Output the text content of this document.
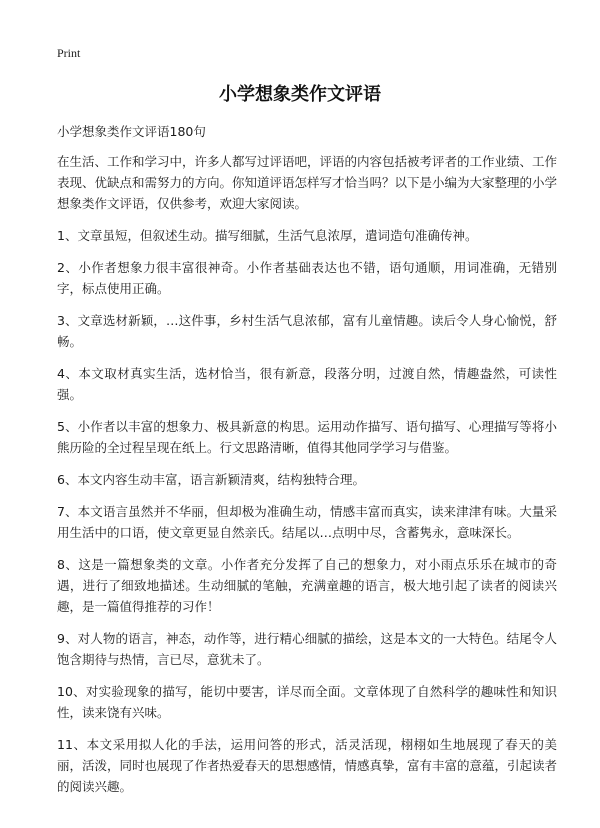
Print
小学想象类作文评语

小学想象类作文评语180句

在生活、工作和学习中，许多人都写过评语吧，评语的内容包括被考评者的工作业绩、工作表现、优缺点和需努力的方向。你知道评语怎样写才恰当吗？以下是小编为大家整理的小学想象类作文评语，仅供参考，欢迎大家阅读。

1、文章虽短，但叙述生动。描写细腻，生活气息浓厚，遣词造句准确传神。

2、小作者想象力很丰富很神奇。小作者基础表达也不错，语句通顺，用词准确，无错别字，标点使用正确。

3、文章选材新颖，…这件事，乡村生活气息浓郁，富有儿童情趣。读后令人身心愉悦，舒畅。

4、本文取材真实生活，选材恰当，很有新意，段落分明，过渡自然，情趣盎然，可读性强。

5、小作者以丰富的想象力、极具新意的构思。运用动作描写、语句描写、心理描写等将小熊历险的全过程呈现在纸上。行文思路清晰，值得其他同学学习与借鉴。

6、本文内容生动丰富，语言新颖清爽，结构独特合理。

7、本文语言虽然并不华丽，但却极为准确生动，情感丰富而真实，读来津津有味。大量采用生活中的口语，使文章更显自然亲氏。结尾以…点明中尽，含蓄隽永，意味深长。

8、这是一篇想象类的文章。小作者充分发挥了自己的想象力，对小雨点乐乐在城市的奇遇，进行了细致地描述。生动细腻的笔触，充满童趣的语言，极大地引起了读者的阅读兴趣，是一篇值得推荐的习作！

9、对人物的语言，神态，动作等，进行精心细腻的描绘，这是本文的一大特色。结尾令人饱含期待与热情，言已尽，意犹未了。

10、对实验现象的描写，能切中要害，详尽而全面。文章体现了自然科学的趣味性和知识性，读来饶有兴味。

11、本文采用拟人化的手法，运用问答的形式，活灵活现，栩栩如生地展现了春天的美丽，活泼，同时也展现了作者热爱春天的思想感情，情感真挚，富有丰富的意蕴，引起读者的阅读兴趣。
